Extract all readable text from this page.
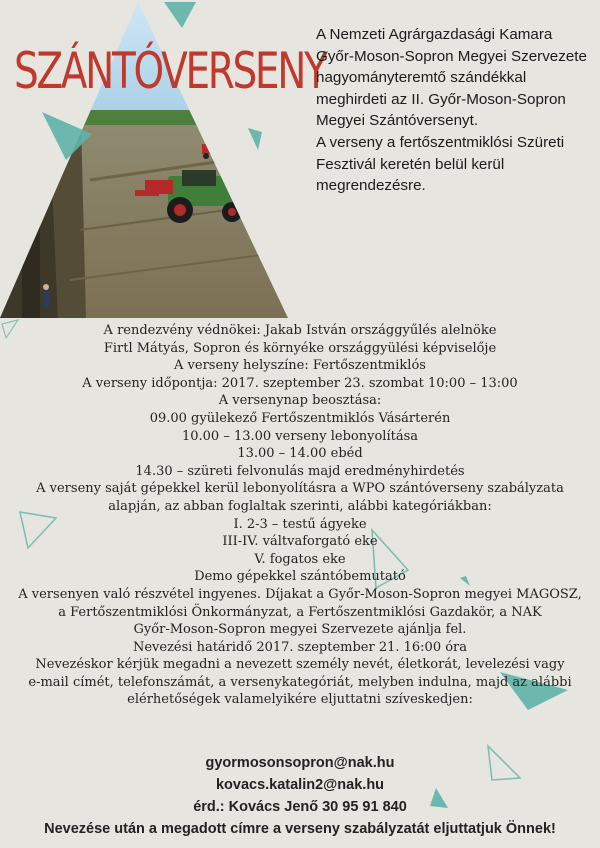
SZÁNTÓVERSENY

A Nemzeti Agrárgazdasági Kamara

Győr-Moson-Sopron Megyei Szervezete

hagyományteremtő szándékkal

meghirdeti az II. Győr-Moson-Sopron

Megyei Szántóversenyt.

A verseny a fertőszentmiklósi Szüreti

Fesztivál keretén belül kerül

megrendezésre.

A rendezvény védnökei: Jakab István országgyűlés alelnöke

Firtl Mátyás, Sopron és környéke országgyülési képviselője

A verseny helyszíne: Fertőszentmiklós

A verseny időpontja: 2017. szeptember 23. szombat 10:00 – 13:00

A versenynap beosztása:

09.00 gyülekező Fertőszentmiklós Vásárterén

10.00 – 13.00 verseny lebonyolítása

13.00 – 14.00 ebéd

14.30 – szüreti felvonulás majd eredményhirdetés

A verseny saját gépekkel kerül lebonyolításra a WPO szántóverseny szabályzata

alapján, az abban foglaltak szerinti, alábbi kategóriákban:

I. 2-3 – testű ágyeke

III-IV. váltvaforgató eke

V. fogatos eke

Demo gépekkel szántóbemutató

A versenyen való részvétel ingyenes. Díjakat a Győr-Moson-Sopron megyei MAGOSZ,

a Fertőszentmiklósi Önkormányzat, a Fertőszentmiklósi Gazdakör, a NAK

Győr-Moson-Sopron megyei Szervezete ajánlja fel.

Nevezési határidő 2017. szeptember 21. 16:00 óra

Nevezéskor kérjük megadni a nevezett személy nevét, életkorát, levelezési vagy

e-mail címét, telefonszámát, a versenykategóriát, melyben indulna, majd az alábbi

elérhetőségek valamelyikére eljuttatni szíveskedjen:

gyormosonsopron@nak.hu

kovacs.katalin2@nak.hu

érd.: Kovács Jenő 30 95 91 840

Nevezése után a megadott címre a verseny szabályzatát eljuttatjuk Önnek!
